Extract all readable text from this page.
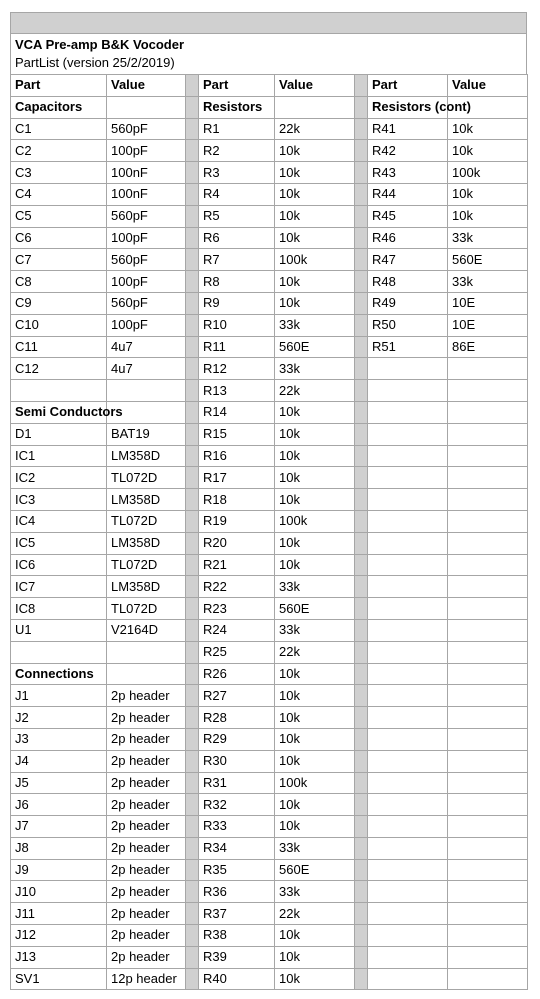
VCA Pre-amp B&K Vocoder
PartList (version 25/2/2019)
Part	Value		Part	Value		Part	Value
Capacitors			Resistors			Resistors (cont)	
C1	560pF		R1	22k		R41	10k
C2	100pF		R2	10k		R42	10k
C3	100nF		R3	10k		R43	100k
C4	100nF		R4	10k		R44	10k
C5	560pF		R5	10k		R45	10k
C6	100pF		R6	10k		R46	33k
C7	560pF		R7	100k		R47	560E
C8	100pF		R8	10k		R48	33k
C9	560pF		R9	10k		R49	10E
C10	100pF		R10	33k		R50	10E
C11	4u7		R11	560E		R51	86E
C12	4u7		R12	33k			
			R13	22k			
Semi Conductors			R14	10k			
D1	BAT19		R15	10k			
IC1	LM358D		R16	10k			
IC2	TL072D		R17	10k			
IC3	LM358D		R18	10k			
IC4	TL072D		R19	100k			
IC5	LM358D		R20	10k			
IC6	TL072D		R21	10k			
IC7	LM358D		R22	33k			
IC8	TL072D		R23	560E			
U1	V2164D		R24	33k			
			R25	22k			
Connections			R26	10k			
J1	2p header		R27	10k			
J2	2p header		R28	10k			
J3	2p header		R29	10k			
J4	2p header		R30	10k			
J5	2p header		R31	100k			
J6	2p header		R32	10k			
J7	2p header		R33	10k			
J8	2p header		R34	33k			
J9	2p header		R35	560E			
J10	2p header		R36	33k			
J11	2p header		R37	22k			
J12	2p header		R38	10k			
J13	2p header		R39	10k			
SV1	12p header		R40	10k			
